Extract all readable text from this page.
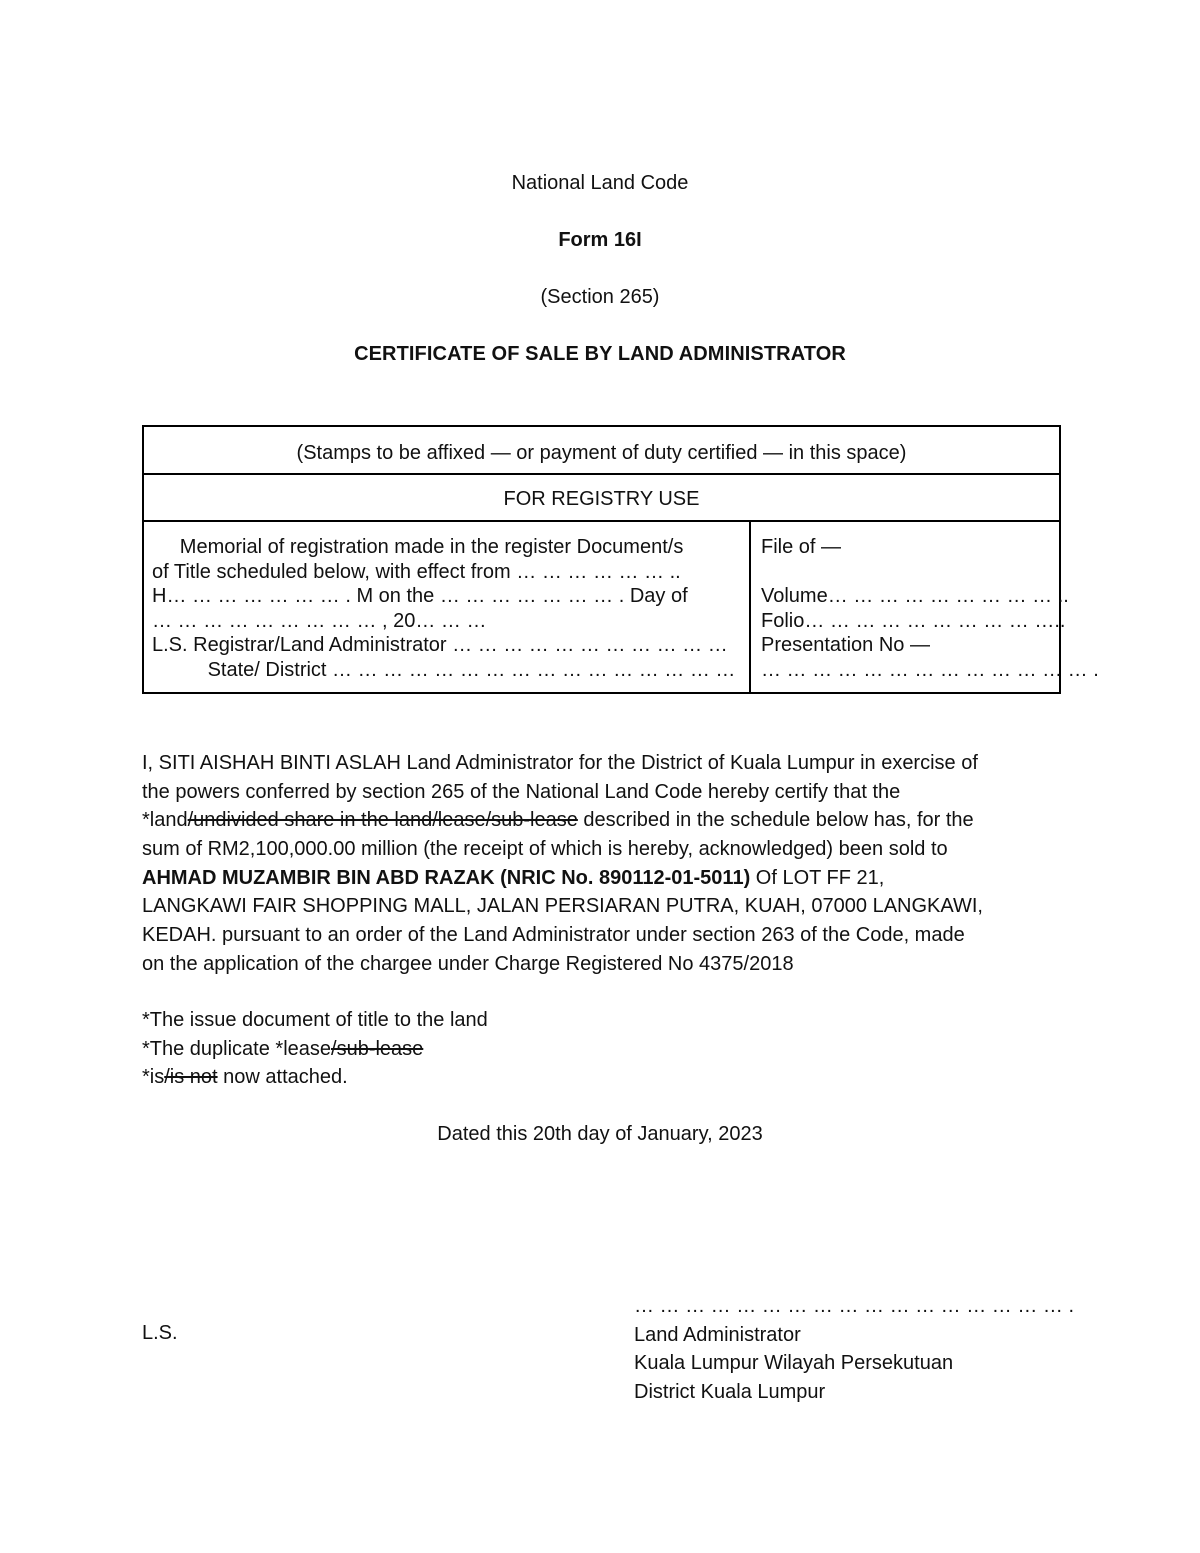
National Land Code
Form 16I
(Section 265)
CERTIFICATE OF SALE BY LAND ADMINISTRATOR
(Stamps to be affixed — or payment of duty certified — in this space)
FOR REGISTRY USE
Memorial of registration made in the register Document/s
of Title scheduled below, with effect from … … … … … … ..
H… … … … … … … . M on the … … … … … … … . Day of
… … … … … … … … … , 20… … …
L.S. Registrar/Land Administrator … … … … … … … … … … …
State/ District … … … … … … … … … … … … … … … …
File of —
Volume… … … … … … … … … ..
Folio… … … … … … … … … …..
Presentation No —
… … … … … … … … … … … … … .
I, SITI AISHAH BINTI ASLAH Land Administrator for the District of Kuala Lumpur in exercise of
the powers conferred by section 265 of the National Land Code hereby certify that the
*land/undivided share in the land/lease/sub-lease described in the schedule below has, for the
sum of RM2,100,000.00 million (the receipt of which is hereby, acknowledged) been sold to
AHMAD MUZAMBIR BIN ABD RAZAK (NRIC No. 890112-01-5011) Of LOT FF 21,
LANGKAWI FAIR SHOPPING MALL, JALAN PERSIARAN PUTRA, KUAH, 07000 LANGKAWI,
KEDAH. pursuant to an order of the Land Administrator under section 263 of the Code, made
on the application of the chargee under Charge Registered No 4375/2018
*The issue document of title to the land
*The duplicate *lease/sub-lease
*is/is not now attached.
Dated this 20th day of January, 2023
L.S.
… … … … … … … … … … … … … … … … … .
Land Administrator
Kuala Lumpur Wilayah Persekutuan
District Kuala Lumpur
